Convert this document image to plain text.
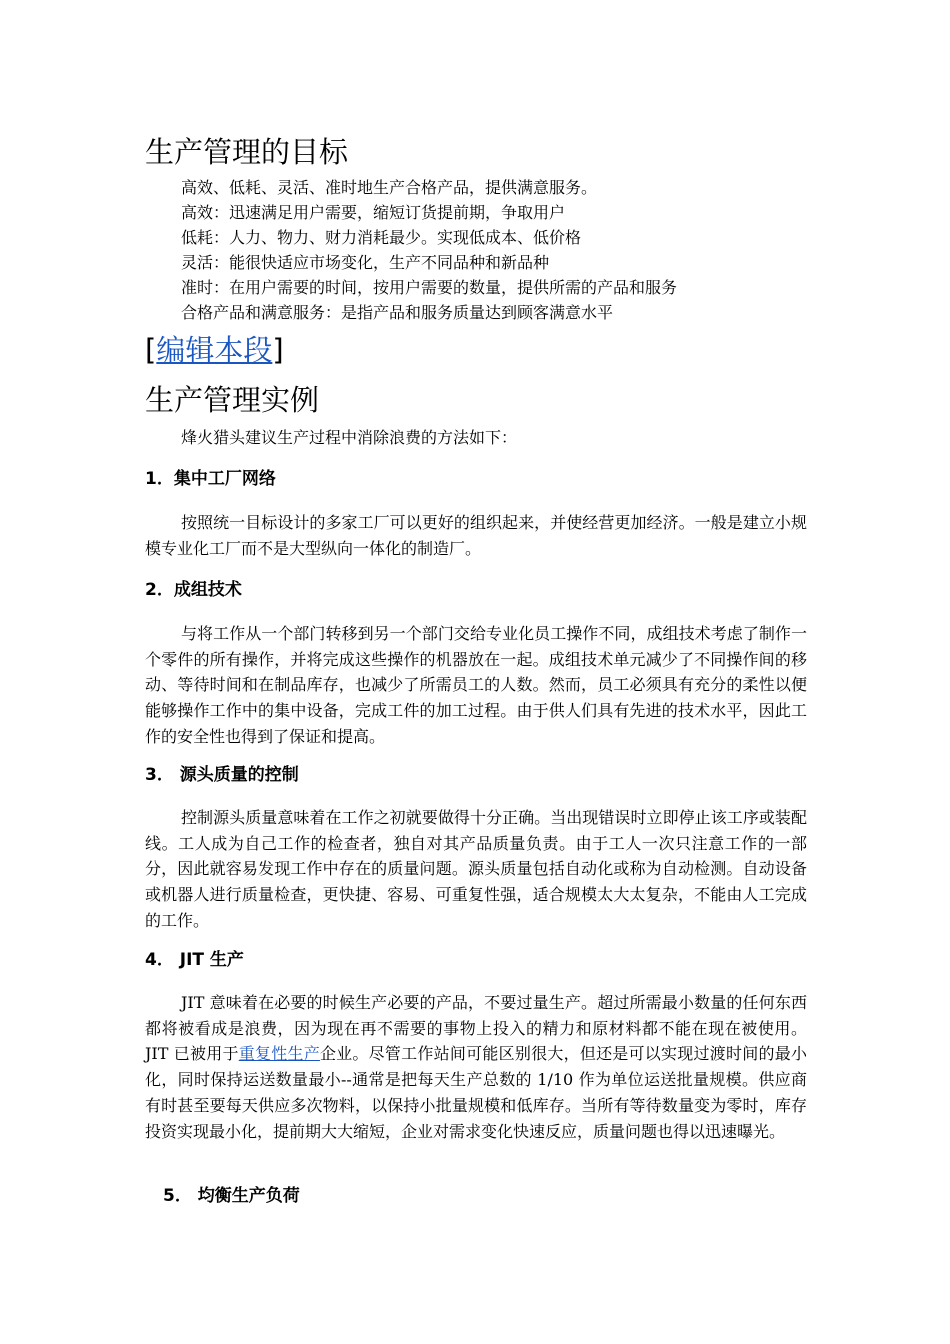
生产管理的目标
高效、低耗、灵活、准时地生产合格产品，提供满意服务。
高效：迅速满足用户需要，缩短订货提前期，争取用户
低耗：人力、物力、财力消耗最少。实现低成本、低价格
灵活：能很快适应市场变化，生产不同品种和新品种
准时：在用户需要的时间，按用户需要的数量，提供所需的产品和服务
合格产品和满意服务：是指产品和服务质量达到顾客满意水平
[编辑本段]
生产管理实例
烽火猎头建议生产过程中消除浪费的方法如下：
1．集中工厂网络
按照统一目标设计的多家工厂可以更好的组织起来，并使经营更加经济。一般是建立小规模专业化工厂而不是大型纵向一体化的制造厂。
2．成组技术
与将工作从一个部门转移到另一个部门交给专业化员工操作不同，成组技术考虑了制作一个零件的所有操作，并将完成这些操作的机器放在一起。成组技术单元减少了不同操作间的移动、等待时间和在制品库存，也减少了所需员工的人数。然而，员工必须具有充分的柔性以便能够操作工作中的集中设备，完成工件的加工过程。由于供人们具有先进的技术水平，因此工作的安全性也得到了保证和提高。
3． 源头质量的控制
控制源头质量意味着在工作之初就要做得十分正确。当出现错误时立即停止该工序或装配线。工人成为自己工作的检查者，独自对其产品质量负责。由于工人一次只注意工作的一部分，因此就容易发现工作中存在的质量问题。源头质量包括自动化或称为自动检测。自动设备或机器人进行质量检查，更快捷、容易、可重复性强，适合规模太大太复杂，不能由人工完成的工作。
4． JIT 生产
JIT 意味着在必要的时候生产必要的产品，不要过量生产。超过所需最小数量的任何东西都将被看成是浪费，因为现在再不需要的事物上投入的精力和原材料都不能在现在被使用。JIT 已被用于重复性生产企业。尽管工作站间可能区别很大，但还是可以实现过渡时间的最小化，同时保持运送数量最小--通常是把每天生产总数的 1/10 作为单位运送批量规模。供应商有时甚至要每天供应多次物料，以保持小批量规模和低库存。当所有等待数量变为零时，库存投资实现最小化，提前期大大缩短，企业对需求变化快速反应，质量问题也得以迅速曝光。
5． 均衡生产负荷
